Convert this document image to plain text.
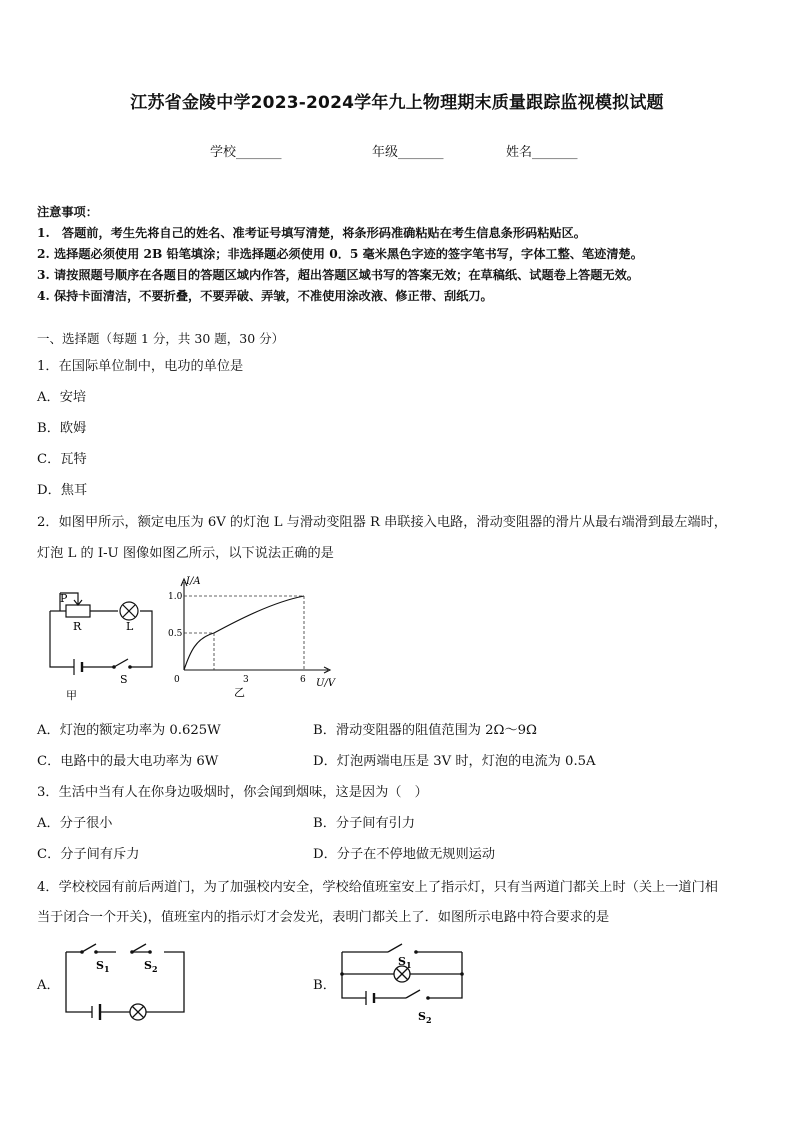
江苏省金陵中学2023-2024学年九上物理期末质量跟踪监视模拟试题
学校_______	年级_______	姓名_______
注意事项：
1.　答题前，考生先将自己的姓名、准考证号填写清楚，将条形码准确粘贴在考生信息条形码粘贴区。
2. 选择题必须使用 2B 铅笔填涂；非选择题必须使用 0．5 毫米黑色字迹的签字笔书写，字体工整、笔迹清楚。
3. 请按照题号顺序在各题目的答题区域内作答，超出答题区域书写的答案无效；在草稿纸、试题卷上答题无效。
4. 保持卡面清洁，不要折叠，不要弄破、弄皱，不准使用涂改液、修正带、刮纸刀。
一、选择题（每题 1 分，共 30 题，30 分）
1．在国际单位制中，电功的单位是
A．安培
B．欧姆
C．瓦特
D．焦耳
2．如图甲所示，额定电压为 6V 的灯泡 L 与滑动变阻器 R 串联接入电路，滑动变阻器的滑片从最右端滑到最左端时，
灯泡 L 的 I-U 图像如图乙所示，以下说法正确的是
P
R	L
S
甲
I/A
U/V
1.0
0.5
0	3	6
乙
A．灯泡的额定功率为 0.625W	B．滑动变阻器的阻值范围为 2Ω～9Ω
C．电路中的最大电功率为 6W	D．灯泡两端电压是 3V 时，灯泡的电流为 0.5A
3．生活中当有人在你身边吸烟时，你会闻到烟味，这是因为（　）
A．分子很小	B．分子间有引力
C．分子间有斥力	D．分子在不停地做无规则运动
4．学校校园有前后两道门，为了加强校内安全，学校给值班室安上了指示灯，只有当两道门都关上时（关上一道门相
当于闭合一个开关)，值班室内的指示灯才会发光，表明门都关上了．如图所示电路中符合要求的是
A．	B．
S 1	S 2
S 1
S 2
